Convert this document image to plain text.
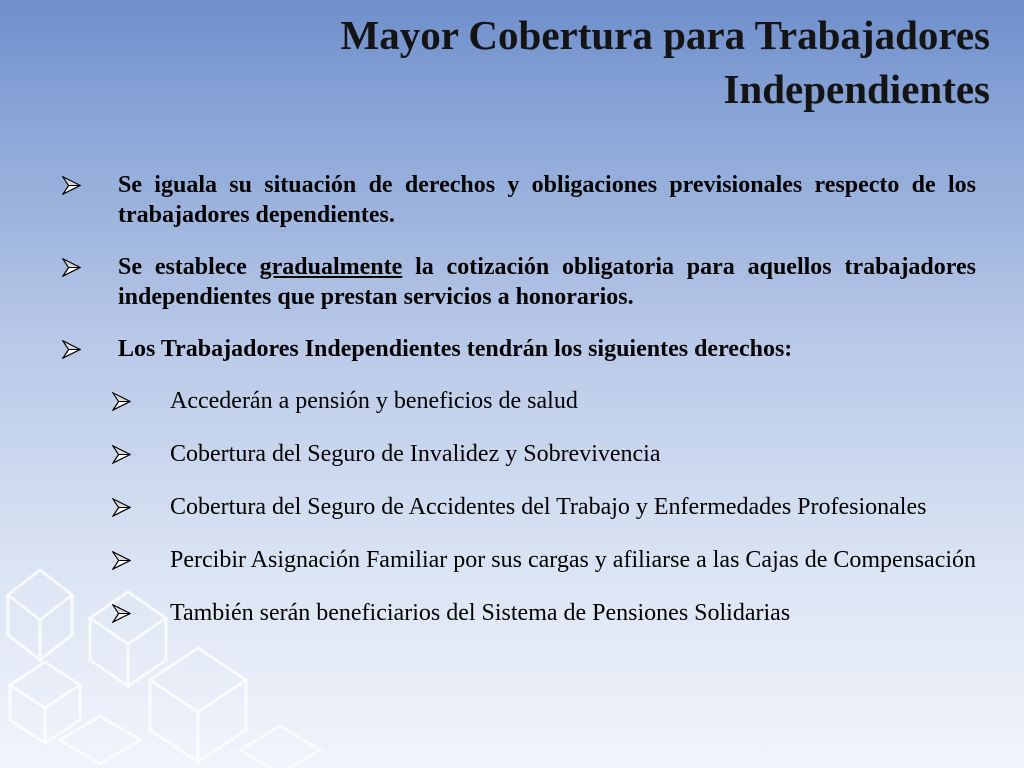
Mayor Cobertura para Trabajadores
Independientes
Se iguala su situación de derechos y obligaciones previsionales respecto de los trabajadores dependientes.
Se establece gradualmente la cotización obligatoria para aquellos trabajadores independientes que prestan servicios a honorarios.
Los Trabajadores Independientes tendrán los siguientes derechos:
Accederán a pensión y beneficios de salud
Cobertura del Seguro de Invalidez y Sobrevivencia
Cobertura del Seguro de Accidentes del Trabajo y Enfermedades Profesionales
Percibir Asignación Familiar por sus cargas y afiliarse a las Cajas de Compensación
También serán beneficiarios del Sistema de Pensiones Solidarias
